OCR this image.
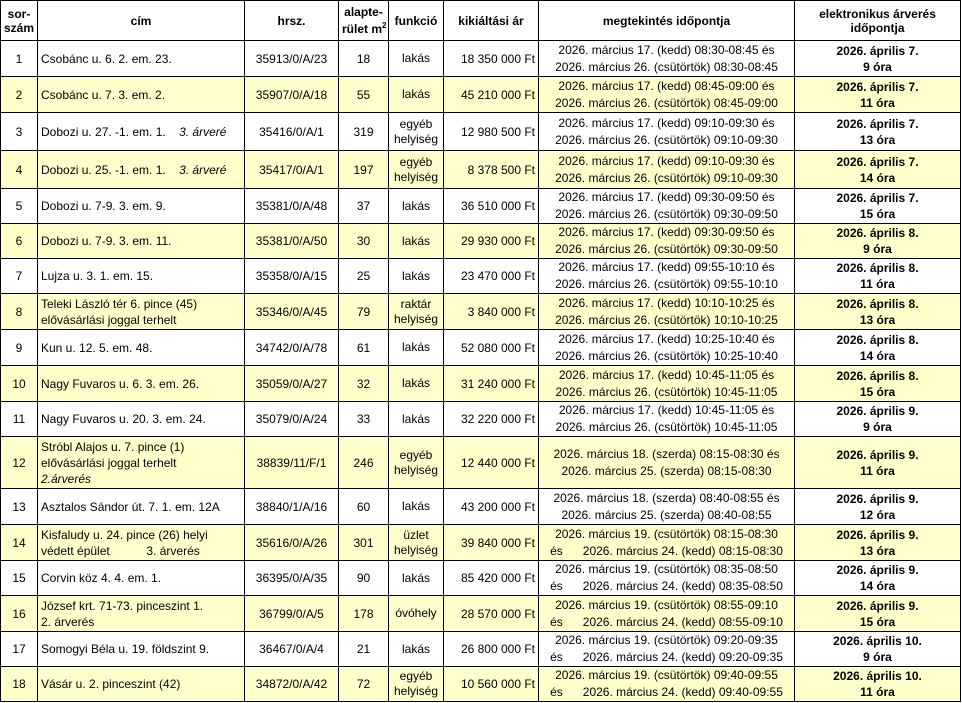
sor-
szám	cím	hrsz.	alapte-
rület $m^2$	funkció	kikiáltási ár	megtekintés időpontja	elektronikus árverés
időpontja
1	Csobánc u. 6. 2. em. 23.	35913/0/A/23	18	lakás	18 350 000 Ft	2026. március 17. (kedd) 08:30-08:45 és
2026. március 26. (csütörtök) 08:30-08:45	2026. április 7.
9 óra
2	Csobánc u. 7. 3. em. 2.	35907/0/A/18	55	lakás	45 210 000 Ft	2026. március 17. (kedd) 08:45-09:00 és
2026. március 26. (csütörtök) 08:45-09:00	2026. április 7.
11 óra
3	Dobozi u. 27. -1. em. 1. 3. árveré	35416/0/A/1	319	egyéb
helyiség	12 980 500 Ft	2026. március 17. (kedd) 09:10-09:30 és
2026. március 26. (csütörtök) 09:10-09:30	2026. április 7.
13 óra
4	Dobozi u. 25. -1. em. 1. 3. árveré	35417/0/A/1	197	egyéb
helyiség	8 378 500 Ft	2026. március 17. (kedd) 09:10-09:30 és
2026. március 26. (csütörtök) 09:10-09:30	2026. április 7.
14 óra
5	Dobozi u. 7-9. 3. em. 9.	35381/0/A/48	37	lakás	36 510 000 Ft	2026. március 17. (kedd) 09:30-09:50 és
2026. március 26. (csütörtök) 09:30-09:50	2026. április 7.
15 óra
6	Dobozi u. 7-9. 3. em. 11.	35381/0/A/50	30	lakás	29 930 000 Ft	2026. március 17. (kedd) 09:30-09:50 és
2026. március 26. (csütörtök) 09:30-09:50	2026. április 8.
9 óra
7	Lujza u. 3. 1. em. 15.	35358/0/A/15	25	lakás	23 470 000 Ft	2026. március 17. (kedd) 09:55-10:10 és
2026. március 26. (csütörtök) 09:55-10:10	2026. április 8.
11 óra
8	Teleki László tér 6. pince (45)
elővásárlási joggal terhelt	35346/0/A/45	79	raktár
helyiség	3 840 000 Ft	2026. március 17. (kedd) 10:10-10:25 és
2026. március 26. (csütörtök) 10:10-10:25	2026. április 8.
13 óra
9	Kun u. 12. 5. em. 48.	34742/0/A/78	61	lakás	52 080 000 Ft	2026. március 17. (kedd) 10:25-10:40 és
2026. március 26. (csütörtök) 10:25-10:40	2026. április 8.
14 óra
10	Nagy Fuvaros u. 6. 3. em. 26.	35059/0/A/27	32	lakás	31 240 000 Ft	2026. március 17. (kedd) 10:45-11:05 és
2026. március 26. (csütörtök) 10:45-11:05	2026. április 8.
15 óra
11	Nagy Fuvaros u. 20. 3. em. 24.	35079/0/A/24	33	lakás	32 220 000 Ft	2026. március 17. (kedd) 10:45-11:05 és
2026. március 26. (csütörtök) 10:45-11:05	2026. április 9.
9 óra
12	Stróbl Alajos u. 7. pince (1)
elővásárlási joggal terhelt
2.árverés	38839/11/F/1	246	egyéb
helyiség	12 440 000 Ft	2026. március 18. (szerda) 08:15-08:30 és
2026. március 25. (szerda) 08:15-08:30	2026. április 9.
11 óra
13	Asztalos Sándor út. 7. 1. em. 12A	38840/1/A/16	60	lakás	43 200 000 Ft	2026. március 18. (szerda) 08:40-08:55 és
2026. március 25. (szerda) 08:40-08:55	2026. április 9.
12 óra
14	Kisfaludy u. 24. pince (26) helyi
védett épület 3. árverés	35616/0/A/26	301	üzlet
helyiség	39 840 000 Ft	2026. március 19. (csütörtök) 08:15-08:30
és      2026. március 24. (kedd) 08:15-08:30	2026. április 9.
13 óra
15	Corvin köz 4. 4. em. 1.	36395/0/A/35	90	lakás	85 420 000 Ft	2026. március 19. (csütörtök) 08:35-08:50
és      2026. március 24. (kedd) 08:35-08:50	2026. április 9.
14 óra
16	József krt. 71-73. pinceszint 1.
2. árverés	36799/0/A/5	178	óvóhely	28 570 000 Ft	2026. március 19. (csütörtök) 08:55-09:10
és      2026. március 24. (kedd) 08:55-09:10	2026. április 9.
15 óra
17	Somogyi Béla u. 19. földszint 9.	36467/0/A/4	21	lakás	26 800 000 Ft	2026. március 19. (csütörtök) 09:20-09:35
és      2026. március 24. (kedd) 09:20-09:35	2026. április 10.
9 óra
18	Vásár u. 2. pinceszint (42)	34872/0/A/42	72	egyéb
helyiség	10 560 000 Ft	2026. március 19. (csütörtök) 09:40-09:55
és      2026. március 24. (kedd) 09:40-09:55	2026. április 10.
11 óra
